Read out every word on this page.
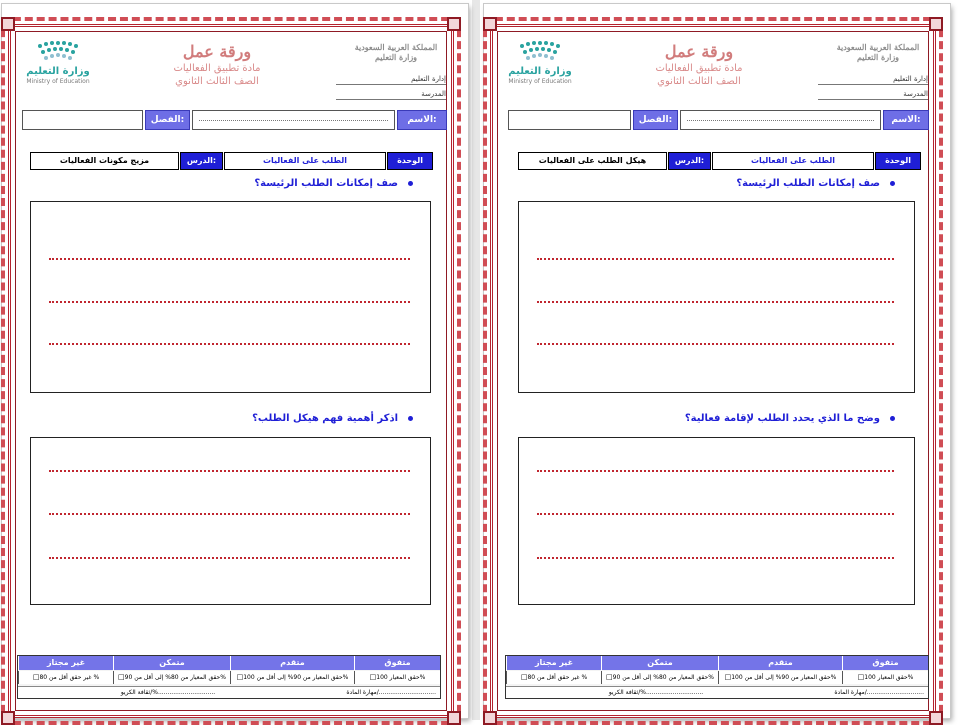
وزارة التعليم
Ministry of Education
ورقة عمل
مادة تطبيق الفعاليات
الصف الثالث الثانوي
المملكة العربية السعودية
وزارة التعليم
إدارة التعليم
المدرسة
الاسم:
الفصل:
الوحدة
الطلب على الفعاليات
الدرس:
مزيج مكونات الفعاليات
صف إمكانات الطلب الرئيسة؟
اذكر أهمية فهم هيكل الطلب؟
متفوق
متقدم
متمكن
غير مجتاز
□ حقق المعيار 100%
□ حقق المعيار من 90% إلى أقل من 100%
□ حقق المعيار من 80% إلى أقل من 90%
□ غير حقق أقل من 80 %
مهارة المادة/..............................
ثقافة الكريو/%..............................
وزارة التعليم
Ministry of Education
ورقة عمل
مادة تطبيق الفعاليات
الصف الثالث الثانوي
المملكة العربية السعودية
وزارة التعليم
إدارة التعليم
المدرسة
الاسم:
الفصل:
الوحدة
الطلب على الفعاليات
الدرس:
هيكل الطلب على الفعاليات
صف إمكانات الطلب الرئيسة؟
وضح ما الذي يحدد الطلب لإقامة فعالية؟
متفوق
متقدم
متمكن
غير مجتاز
□ حقق المعيار 100%
□ حقق المعيار من 90% إلى أقل من 100%
□ حقق المعيار من 80% إلى أقل من 90%
□ غير حقق أقل من 80 %
مهارة المادة/..............................
ثقافة الكريو/%..............................
